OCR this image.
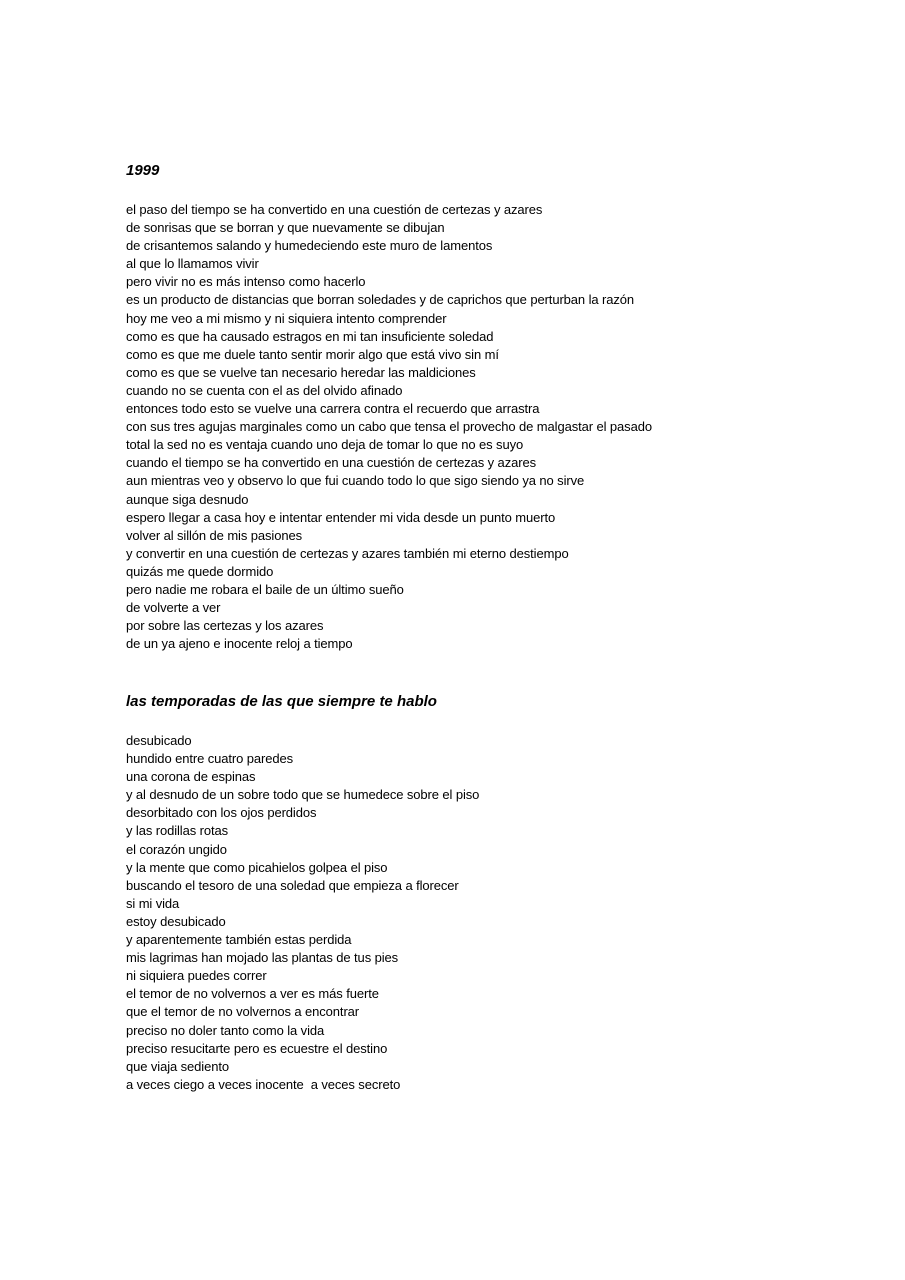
1999
el paso del tiempo se ha convertido en una cuestión de certezas y azares
de sonrisas que se borran y que nuevamente se dibujan
de crisantemos salando y humedeciendo este muro de lamentos
al que lo llamamos vivir
pero vivir no es más intenso como hacerlo
es un producto de distancias que borran soledades y de caprichos que perturban la razón
hoy me veo a mi mismo y ni siquiera intento comprender
como es que ha causado estragos en mi tan insuficiente soledad
como es que me duele tanto sentir morir algo que está vivo sin mí
como es que se vuelve tan necesario heredar las maldiciones
cuando no se cuenta con el as del olvido afinado
entonces todo esto se vuelve una carrera contra el recuerdo que arrastra
con sus tres agujas marginales como un cabo que tensa el provecho de malgastar el pasado
total la sed no es ventaja cuando uno deja de tomar lo que no es suyo
cuando el tiempo se ha convertido en una cuestión de certezas y azares
aun mientras veo y observo lo que fui cuando todo lo que sigo siendo ya no sirve
aunque siga desnudo
espero llegar a casa hoy e intentar entender mi vida desde un punto muerto
volver al sillón de mis pasiones
y convertir en una cuestión de certezas y azares también mi eterno destiempo
quizás me quede dormido
pero nadie me robara el baile de un último sueño
de volverte a ver
por sobre las certezas y los azares
de un ya ajeno e inocente reloj a tiempo
las temporadas de las que siempre te hablo
desubicado
hundido entre cuatro paredes
una corona de espinas
y al desnudo de un sobre todo que se humedece sobre el piso
desorbitado con los ojos perdidos
y las rodillas rotas
el corazón ungido
y la mente que como picahielos golpea el piso
buscando el tesoro de una soledad que empieza a florecer
si mi vida
estoy desubicado
y aparentemente también estas perdida
mis lagrimas han mojado las plantas de tus pies
ni siquiera puedes correr
el temor de no volvernos a ver es más fuerte
que el temor de no volvernos a encontrar
preciso no doler tanto como la vida
preciso resucitarte pero es ecuestre el destino
que viaja sediento
a veces ciego a veces inocente  a veces secreto
